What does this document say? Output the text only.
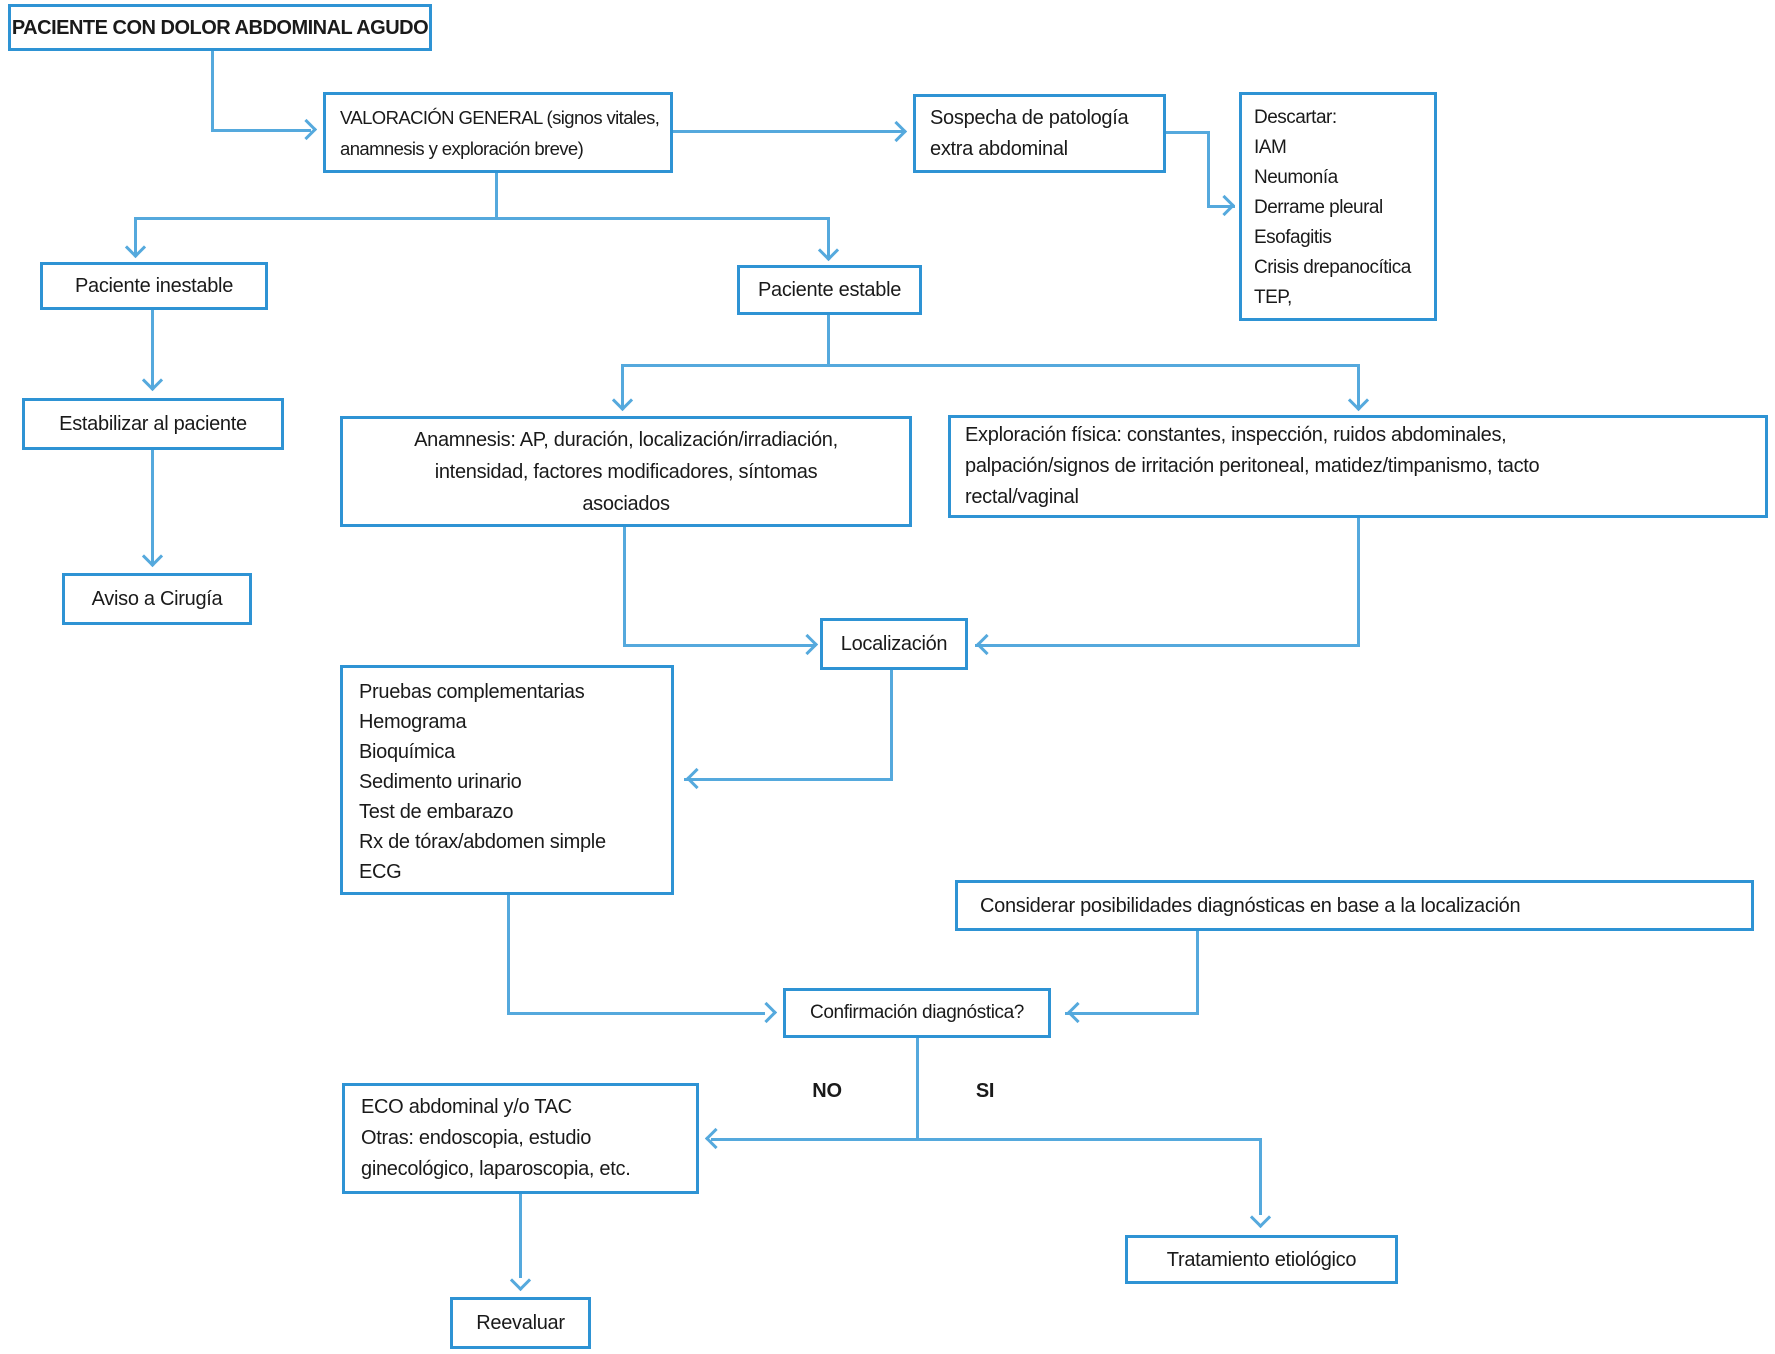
PACIENTE CON DOLOR ABDOMINAL AGUDO
VALORACIÓN GENERAL (signos vitales,
anamnesis y exploración breve)
Sospecha de patología
extra abdominal
Descartar:
IAM
Neumonía
Derrame pleural
Esofagitis
Crisis drepanocítica
TEP,
Paciente inestable	Paciente estable
Estabilizar al paciente
Aviso a Cirugía
Anamnesis: AP, duración, localización/irradiación,
intensidad, factores modificadores, síntomas
asociados
Exploración física: constantes, inspección, ruidos abdominales,
palpación/signos de irritación peritoneal, matidez/timpanismo, tacto
rectal/vaginal
Localización
Pruebas complementarias
Hemograma
Bioquímica
Sedimento urinario
Test de embarazo
Rx de tórax/abdomen simple
ECG
Considerar posibilidades diagnósticas en base a la localización
Confirmación diagnóstica?
ECO abdominal y/o TAC
Otras: endoscopia, estudio
ginecológico, laparoscopia, etc.
Tratamiento etiológico
Reevaluar
NO	SI
